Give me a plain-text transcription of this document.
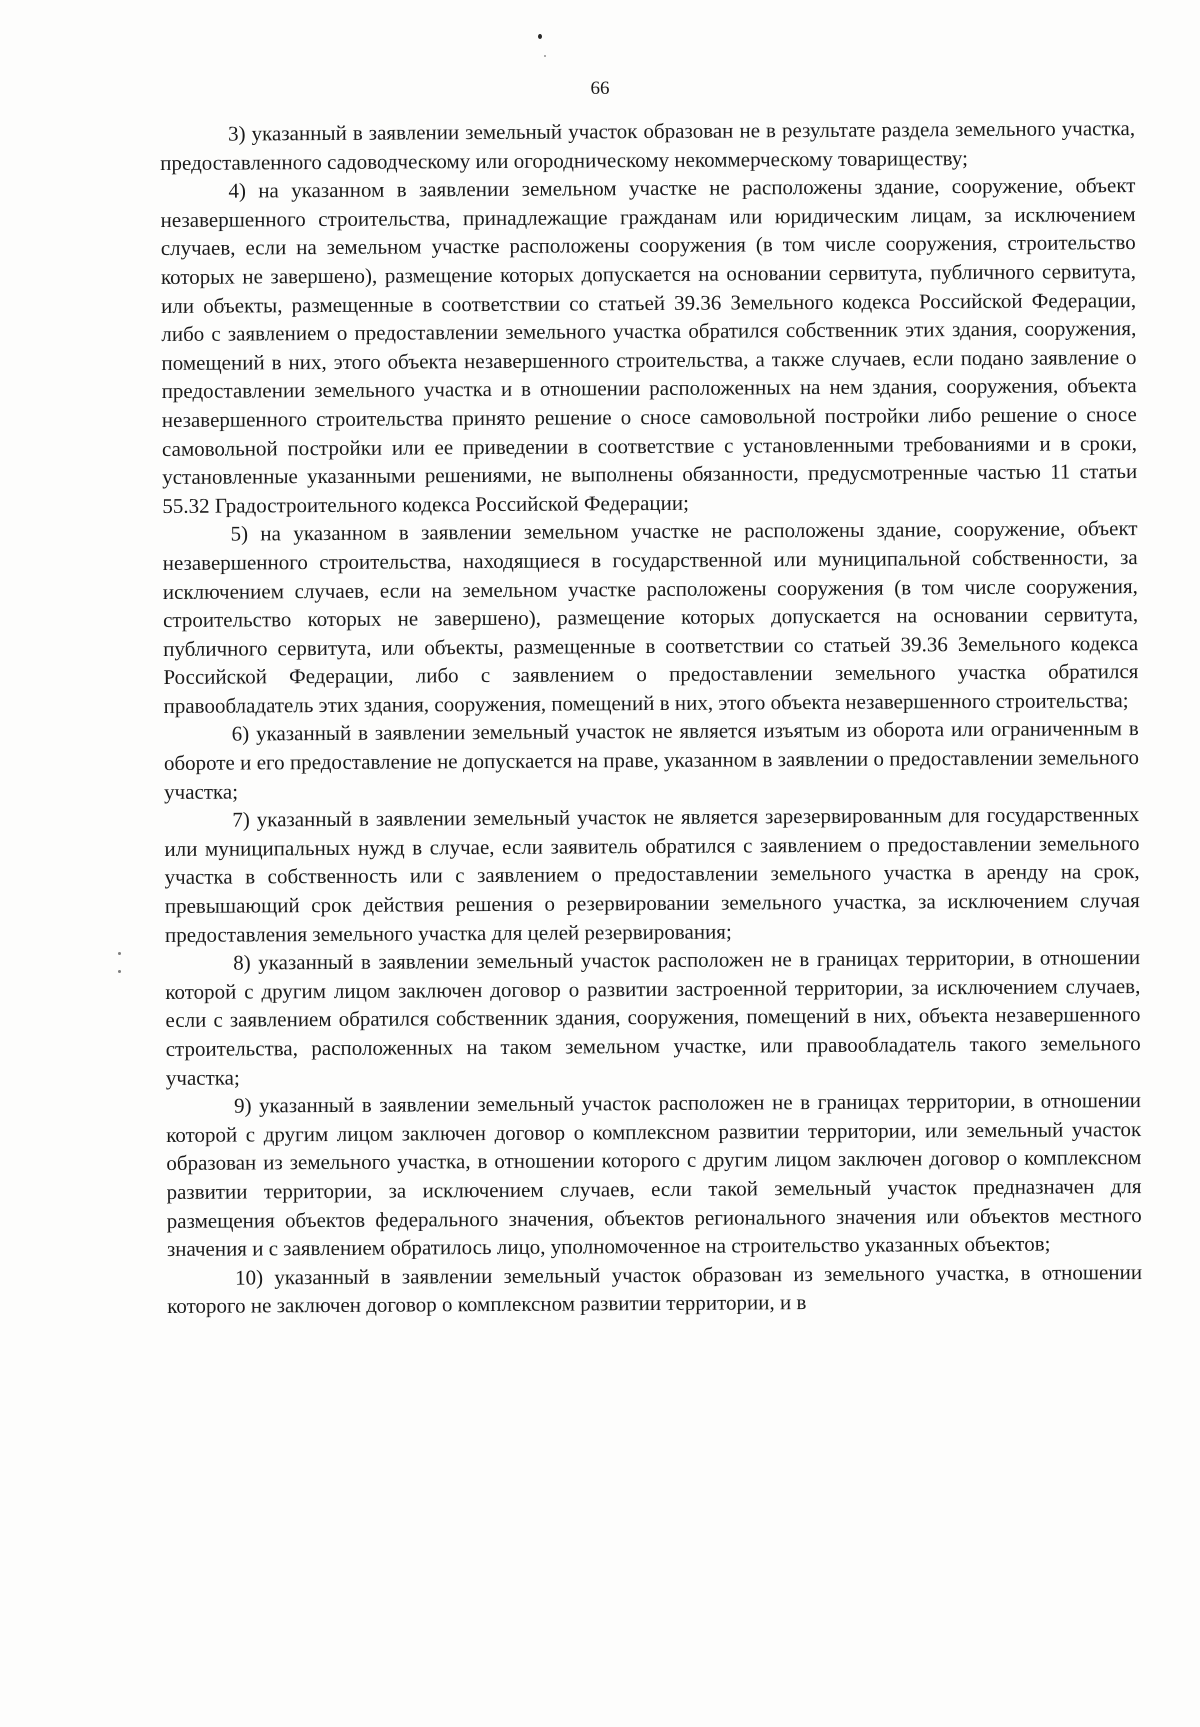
66

3) указанный в заявлении земельный участок образован не в результате раздела земельного участка, предоставленного садоводческому или огородническому некоммерческому товариществу;

4) на указанном в заявлении земельном участке не расположены здание, сооружение, объект незавершенного строительства, принадлежащие гражданам или юридическим лицам, за исключением случаев, если на земельном участке расположены сооружения (в том числе сооружения, строительство которых не завершено), размещение которых допускается на основании сервитута, публичного сервитута, или объекты, размещенные в соответствии со статьей 39.36 Земельного кодекса Российской Федерации, либо с заявлением о предоставлении земельного участка обратился собственник этих здания, сооружения, помещений в них, этого объекта незавершенного строительства, а также случаев, если подано заявление о предоставлении земельного участка и в отношении расположенных на нем здания, сооружения, объекта незавершенного строительства принято решение о сносе самовольной постройки либо решение о сносе самовольной постройки или ее приведении в соответствие с установленными требованиями и в сроки, установленные указанными решениями, не выполнены обязанности, предусмотренные частью 11 статьи 55.32 Градостроительного кодекса Российской Федерации;

5) на указанном в заявлении земельном участке не расположены здание, сооружение, объект незавершенного строительства, находящиеся в государственной или муниципальной собственности, за исключением случаев, если на земельном участке расположены сооружения (в том числе сооружения, строительство которых не завершено), размещение которых допускается на основании сервитута, публичного сервитута, или объекты, размещенные в соответствии со статьей 39.36 Земельного кодекса Российской Федерации, либо с заявлением о предоставлении земельного участка обратился правообладатель этих здания, сооружения, помещений в них, этого объекта незавершенного строительства;

6) указанный в заявлении земельный участок не является изъятым из оборота или ограниченным в обороте и его предоставление не допускается на праве, указанном в заявлении о предоставлении земельного участка;

7) указанный в заявлении земельный участок не является зарезервированным для государственных или муниципальных нужд в случае, если заявитель обратился с заявлением о предоставлении земельного участка в собственность или с заявлением о предоставлении земельного участка в аренду на срок, превышающий срок действия решения о резервировании земельного участка, за исключением случая предоставления земельного участка для целей резервирования;

8) указанный в заявлении земельный участок расположен не в границах территории, в отношении которой с другим лицом заключен договор о развитии застроенной территории, за исключением случаев, если с заявлением обратился собственник здания, сооружения, помещений в них, объекта незавершенного строительства, расположенных на таком земельном участке, или правообладатель такого земельного участка;

9) указанный в заявлении земельный участок расположен не в границах территории, в отношении которой с другим лицом заключен договор о комплексном развитии территории, или земельный участок образован из земельного участка, в отношении которого с другим лицом заключен договор о комплексном развитии территории, за исключением случаев, если такой земельный участок предназначен для размещения объектов федерального значения, объектов регионального значения или объектов местного значения и с заявлением обратилось лицо, уполномоченное на строительство указанных объектов;

10) указанный в заявлении земельный участок образован из земельного участка, в отношении которого не заключен договор о комплексном развитии территории, и в
